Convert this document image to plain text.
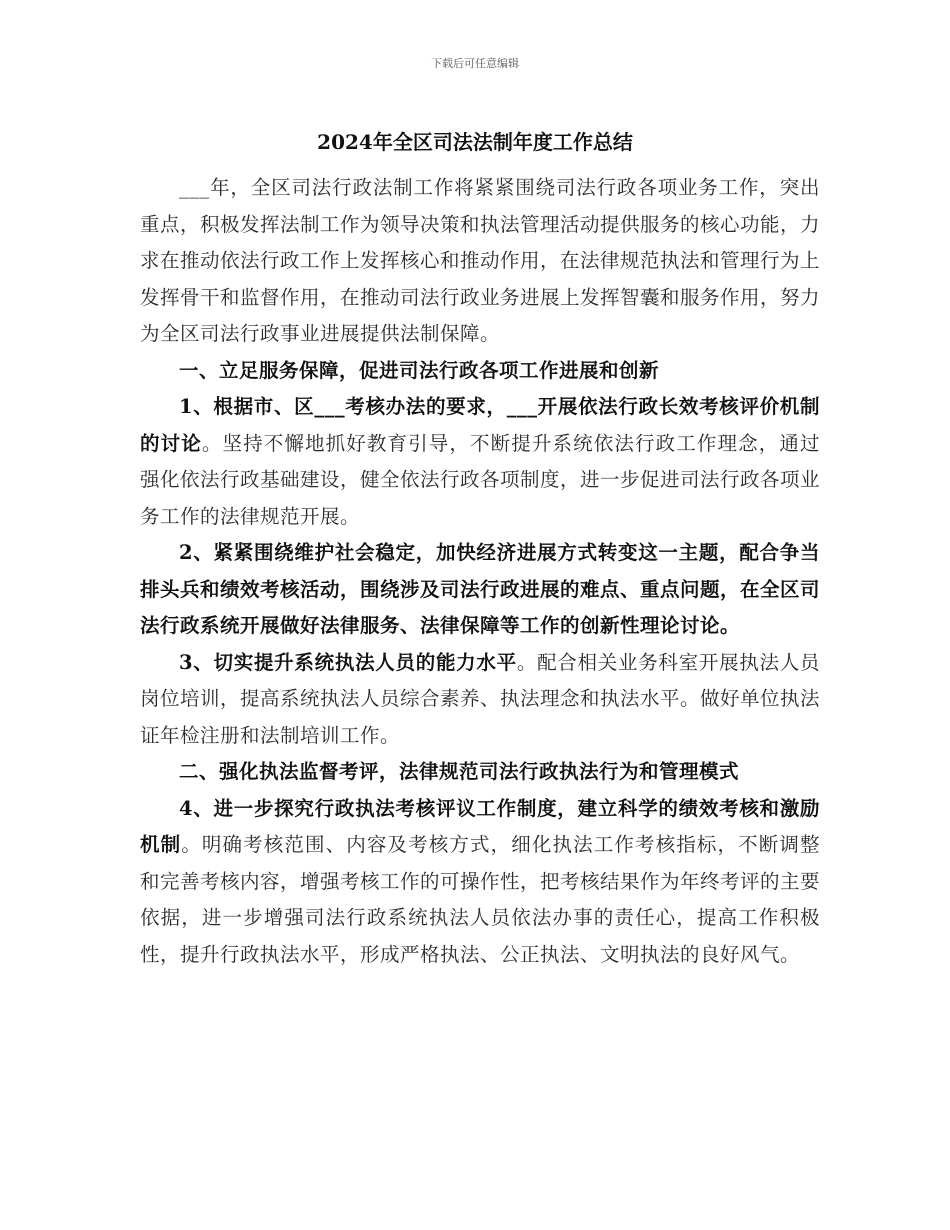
下载后可任意编辑
2024年全区司法法制年度工作总结

___年，全区司法行政法制工作将紧紧围绕司法行政各项业务工作，突出重点，积极发挥法制工作为领导决策和执法管理活动提供服务的核心功能，力求在推动依法行政工作上发挥核心和推动作用，在法律规范执法和管理行为上发挥骨干和监督作用，在推动司法行政业务进展上发挥智囊和服务作用，努力为全区司法行政事业进展提供法制保障。

一、立足服务保障，促进司法行政各项工作进展和创新

1、根据市、区___考核办法的要求，___开展依法行政长效考核评价机制的讨论。坚持不懈地抓好教育引导，不断提升系统依法行政工作理念，通过强化依法行政基础建设，健全依法行政各项制度，进一步促进司法行政各项业务工作的法律规范开展。

2、紧紧围绕维护社会稳定，加快经济进展方式转变这一主题，配合争当排头兵和绩效考核活动，围绕涉及司法行政进展的难点、重点问题，在全区司法行政系统开展做好法律服务、法律保障等工作的创新性理论讨论。

3、切实提升系统执法人员的能力水平。配合相关业务科室开展执法人员岗位培训，提高系统执法人员综合素养、执法理念和执法水平。做好单位执法证年检注册和法制培训工作。

二、强化执法监督考评，法律规范司法行政执法行为和管理模式

4、进一步探究行政执法考核评议工作制度，建立科学的绩效考核和激励机制。明确考核范围、内容及考核方式，细化执法工作考核指标，不断调整和完善考核内容，增强考核工作的可操作性，把考核结果作为年终考评的主要依据，进一步增强司法行政系统执法人员依法办事的责任心，提高工作积极性，提升行政执法水平，形成严格执法、公正执法、文明执法的良好风气。
